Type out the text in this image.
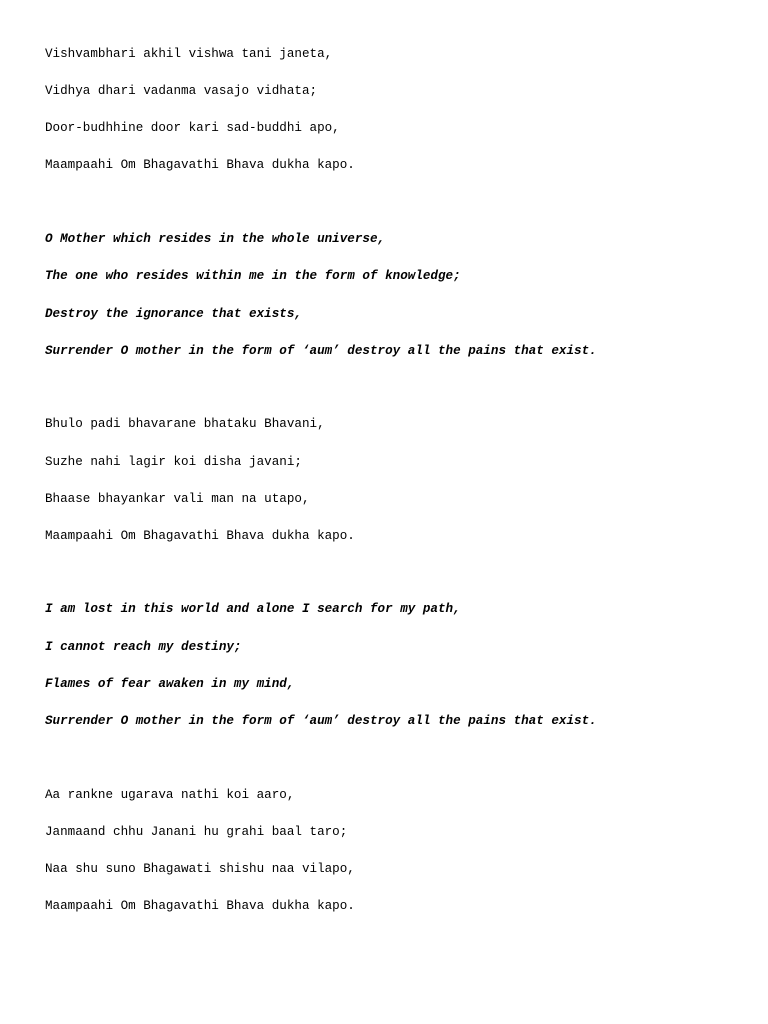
Vishvambhari akhil vishwa tani janeta,
Vidhya dhari vadanma vasajo vidhata;
Door-budhhine door kari sad-buddhi apo,
Maampaahi Om Bhagavathi Bhava dukha kapo.
O Mother which resides in the whole universe,
The one who resides within me in the form of knowledge;
Destroy the ignorance that exists,
Surrender O mother in the form of ‘aum’ destroy all the pains that exist.
Bhulo padi bhavarane bhataku Bhavani,
Suzhe nahi lagir koi disha javani;
Bhaase bhayankar vali man na utapo,
Maampaahi Om Bhagavathi Bhava dukha kapo.
I am lost in this world and alone I search for my path,
I cannot reach my destiny;
Flames of fear awaken in my mind,
Surrender O mother in the form of ‘aum’ destroy all the pains that exist.
Aa rankne ugarava nathi koi aaro,
Janmaand chhu Janani hu grahi baal taro;
Naa shu suno Bhagawati shishu naa vilapo,
Maampaahi Om Bhagavathi Bhava dukha kapo.
